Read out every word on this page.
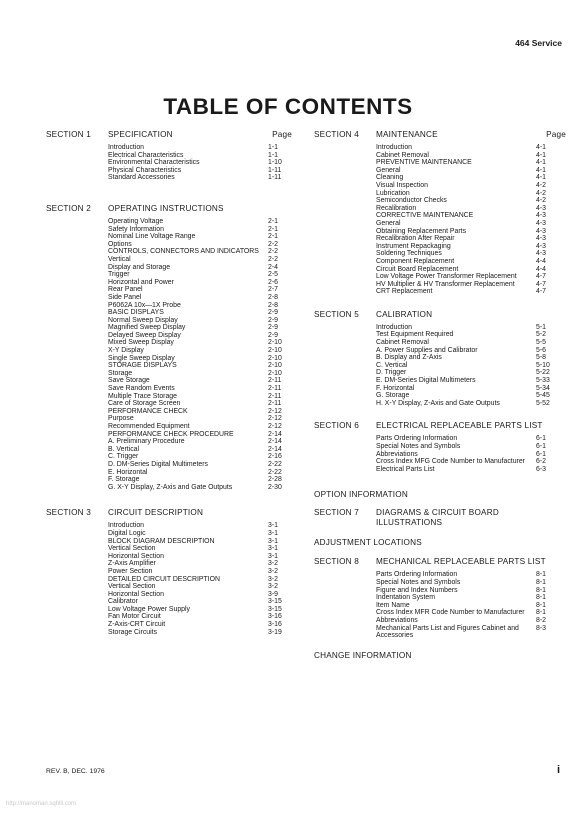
464 Service
TABLE OF CONTENTS
SECTION 1	SPECIFICATION	Page
Introduction	1-1
Electrical Characteristics	1-1
Environmental Characteristics	1-10
Physical Characteristics	1-11
Standard Accessories	1-11
SECTION 2	OPERATING INSTRUCTIONS
Operating Voltage	2-1
Safety Information	2-1
Nominal Line Voltage Range	2-1
Options	2-2
CONTROLS, CONNECTORS AND INDICATORS	2-2
Vertical	2-2
Display and Storage	2-4
Trigger	2-5
Horizontal and Power	2-6
Rear Panel	2-7
Side Panel	2-8
P6062A 10x—1X Probe	2-8
BASIC DISPLAYS	2-9
Normal Sweep Display	2-9
Magnified Sweep Display	2-9
Delayed Sweep Display	2-9
Mixed Sweep Display	2-10
X-Y Display	2-10
Single Sweep Display	2-10
STORAGE DISPLAYS	2-10
Storage	2-10
Save Storage	2-11
Save Random Events	2-11
Multiple Trace Storage	2-11
Care of Storage Screen	2-11
PERFORMANCE CHECK	2-12
Purpose	2-12
Recommended Equipment	2-12
PERFORMANCE CHECK PROCEDURE	2-14
A. Preliminary Procedure	2-14
B. Vertical	2-14
C. Trigger	2-16
D. DM-Series Digital Multimeters	2-22
E. Horizontal	2-22
F. Storage	2-28
G. X-Y Display, Z-Axis and Gate Outputs	2-30
SECTION 3	CIRCUIT DESCRIPTION
Introduction	3-1
Digital Logic	3-1
BLOCK DIAGRAM DESCRIPTION	3-1
Vertical Section	3-1
Horizontal Section	3-1
Z-Axis Amplifier	3-2
Power Section	3-2
DETAILED CIRCUIT DESCRIPTION	3-2
Vertical Section	3-2
Horizontal Section	3-9
Calibrator	3-15
Low Voltage Power Supply	3-15
Fan Motor Circuit	3-16
Z-Axis-CRT Circuit	3-16
Storage Circuits	3-19
SECTION 4	MAINTENANCE	Page
Introduction	4-1
Cabinet Removal	4-1
PREVENTIVE MAINTENANCE	4-1
General	4-1
Cleaning	4-1
Visual Inspection	4-2
Lubrication	4-2
Semiconductor Checks	4-2
Recalibration	4-3
CORRECTIVE MAINTENANCE	4-3
General	4-3
Obtaining Replacement Parts	4-3
Recalibration After Repair	4-3
Instrument Repackaging	4-3
Soldering Techniques	4-3
Component Replacement	4-4
Circuit Board Replacement	4-4
Low Voltage Power Transformer Replacement	4-7
HV Multiplier & HV Transformer Replacement	4-7
CRT Replacement	4-7
SECTION 5	CALIBRATION
Introduction	5-1
Test Equipment Required	5-2
Cabinet Removal	5-5
A. Power Supplies and Calibrator	5-6
B. Display and Z-Axis	5-8
C. Vertical	5-10
D. Trigger	5-22
E. DM-Series Digital Multimeters	5-33
F. Horizontal	5-34
G. Storage	5-45
H. X-Y Display, Z-Axis and Gate Outputs	5-52
SECTION 6	ELECTRICAL REPLACEABLE PARTS LIST
Parts Ordering Information	6-1
Special Notes and Symbols	6-1
Abbreviations	6-1
Cross Index MFG Code Number to Manufacturer	6-2
Electrical Parts List	6-3
OPTION INFORMATION
SECTION 7	DIAGRAMS & CIRCUIT BOARD ILLUSTRATIONS
ADJUSTMENT LOCATIONS
SECTION 8	MECHANICAL REPLACEABLE PARTS LIST
Parts Ordering Information	8-1
Special Notes and Symbols	8-1
Figure and Index Numbers	8-1
Indentation System	8-1
Item Name	8-1
Cross Index MFR Code Number to Manufacturer	8-1
Abbreviations	8-2
Mechanical Parts List and Figures Cabinet and Accessories
8-3
CHANGE INFORMATION
REV. B, DEC. 1976	i
http://manoman.sqhill.com
